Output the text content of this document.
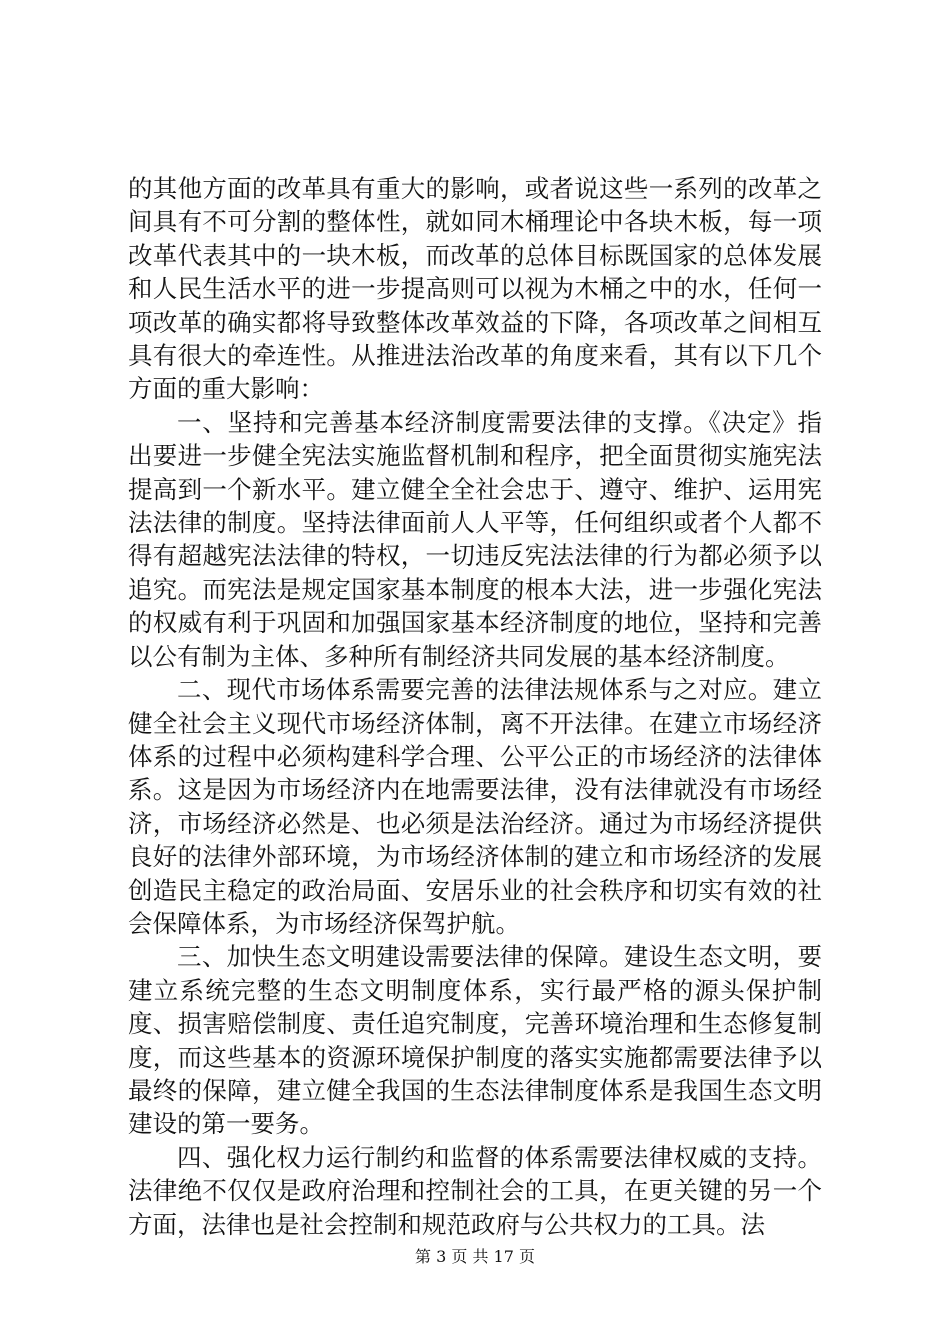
的其他方面的改革具有重大的影响，或者说这些一系列的改革之间具有不可分割的整体性，就如同木桶理论中各块木板，每一项改革代表其中的一块木板，而改革的总体目标既国家的总体发展和人民生活水平的进一步提高则可以视为木桶之中的水，任何一项改革的确实都将导致整体改革效益的下降，各项改革之间相互具有很大的牵连性。从推进法治改革的角度来看，其有以下几个方面的重大影响：

一、坚持和完善基本经济制度需要法律的支撑。《决定》指出要进一步健全宪法实施监督机制和程序，把全面贯彻实施宪法提高到一个新水平。建立健全全社会忠于、遵守、维护、运用宪法法律的制度。坚持法律面前人人平等，任何组织或者个人都不得有超越宪法法律的特权，一切违反宪法法律的行为都必须予以追究。而宪法是规定国家基本制度的根本大法，进一步强化宪法的权威有利于巩固和加强国家基本经济制度的地位，坚持和完善以公有制为主体、多种所有制经济共同发展的基本经济制度。

二、现代市场体系需要完善的法律法规体系与之对应。建立健全社会主义现代市场经济体制，离不开法律。在建立市场经济体系的过程中必须构建科学合理、公平公正的市场经济的法律体系。这是因为市场经济内在地需要法律，没有法律就没有市场经济，市场经济必然是、也必须是法治经济。通过为市场经济提供良好的法律外部环境，为市场经济体制的建立和市场经济的发展创造民主稳定的政治局面、安居乐业的社会秩序和切实有效的社会保障体系，为市场经济保驾护航。

三、加快生态文明建设需要法律的保障。建设生态文明，要建立系统完整的生态文明制度体系，实行最严格的源头保护制度、损害赔偿制度、责任追究制度，完善环境治理和生态修复制度，而这些基本的资源环境保护制度的落实实施都需要法律予以最终的保障，建立健全我国的生态法律制度体系是我国生态文明建设的第一要务。

四、强化权力运行制约和监督的体系需要法律权威的支持。法律绝不仅仅是政府治理和控制社会的工具，在更关键的另一个方面，法律也是社会控制和规范政府与公共权力的工具。法

第 3 页 共 17 页
